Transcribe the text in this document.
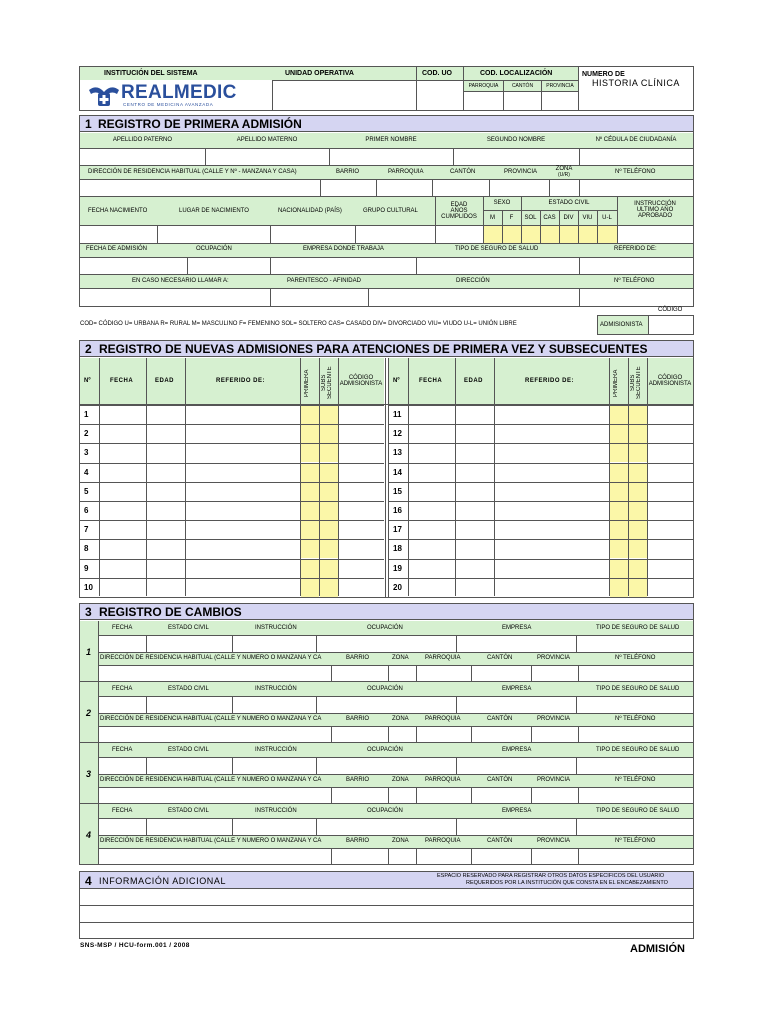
INSTITUCIÓN DEL SISTEMA	UNIDAD OPERATIVA	COD. UO	COD. LOCALIZACIÓN
PARROQUIA	CANTÓN	PROVINCIA
NUMERO DE
HISTORIA CLÍNICA
REALMEDIC
CENTRO DE MEDICINA AVANZADA
1 REGISTRO DE PRIMERA ADMISIÓN
APELLIDO PATERNO	APELLIDO MATERNO	PRIMER NOMBRE	SEGUNDO NOMBRE	Nº CÉDULA DE CIUDADANÍA
DIRECCIÓN DE RESIDENCIA HABITUAL (CALLE Y Nº - MANZANA Y CASA)	BARRIO	PARROQUIA	CANTÓN	PROVINCIA	ZONA
(U/R)	Nº TELÉFONO
FECHA NACIMIENTO	LUGAR DE NACIMIENTO	NACIONALIDAD (PAÍS)	GRUPO CULTURAL
EDAD
AÑOS
CUMPLIDOS
SEXO
M	F
ESTADO CIVIL
SOL	CAS	DIV	VIU	U-L
INSTRUCCIÓN
ULTIMO AÑO
APROBADO
FECHA DE ADMISIÓN	OCUPACIÓN	EMPRESA DONDE TRABAJA	TIPO DE SEGURO DE SALUD	REFERIDO DE:
EN CASO NECESARIO LLAMAR A:	PARENTESCO - AFINIDAD	DIRECCIÓN	Nº TELÉFONO
CÓDIGO
COD= CÓDIGO U= URBANA R= RURAL M= MASCULINO F= FEMENINO SOL= SOLTERO CAS= CASADO DIV= DIVORCIADO VIU= VIUDO U-L= UNIÓN LIBRE	ADMISIONISTA
2 REGISTRO DE NUEVAS ADMISIONES PARA ATENCIONES DE PRIMERA VEZ Y SUBSECUENTES
Nº	FECHA	EDAD	REFERIDO DE:	PRIMERA SUBS SECUENTE	CÓDIGO
ADMISIONISTA
1
2
3
4
5
6
7
8
9
10
Nº	FECHA	EDAD	REFERIDO DE:	PRIMERA SUBS SECUENTE	CÓDIGO
ADMISIONISTA
11
12
13
14
15
16
17
18
19
20
3 REGISTRO DE CAMBIOS
1
FECHA	ESTADO CIVIL	INSTRUCCIÓN	OCUPACIÓN	EMPRESA	TIPO DE SEGURO DE SALUD
DIRECCIÓN DE RESIDENCIA HABITUAL (CALLE Y NUMERO O MANZANA Y CA	BARRIO	ZONA	PARROQUIA	CANTÓN	PROVINCIA	Nº TELÉFONO
2
FECHA	ESTADO CIVIL	INSTRUCCIÓN	OCUPACIÓN	EMPRESA	TIPO DE SEGURO DE SALUD
DIRECCIÓN DE RESIDENCIA HABITUAL (CALLE Y NUMERO O MANZANA Y CA	BARRIO	ZONA	PARROQUIA	CANTÓN	PROVINCIA	Nº TELÉFONO
3
FECHA	ESTADO CIVIL	INSTRUCCIÓN	OCUPACIÓN	EMPRESA	TIPO DE SEGURO DE SALUD
DIRECCIÓN DE RESIDENCIA HABITUAL (CALLE Y NUMERO O MANZANA Y CA	BARRIO	ZONA	PARROQUIA	CANTÓN	PROVINCIA	Nº TELÉFONO
4
FECHA	ESTADO CIVIL	INSTRUCCIÓN	OCUPACIÓN	EMPRESA	TIPO DE SEGURO DE SALUD
DIRECCIÓN DE RESIDENCIA HABITUAL (CALLE Y NUMERO O MANZANA Y CA	BARRIO	ZONA	PARROQUIA	CANTÓN	PROVINCIA	Nº TELÉFONO
4 INFORMACIÓN ADICIONAL	ESPACIO RESERVADO PARA REGISTRAR OTROS DATOS ESPECIFICOS DEL USUARIO
REQUERIDOS POR LA INSTITUCIÓN QUE CONSTA EN EL ENCABEZAMIENTO
SNS-MSP / HCU-form.001 / 2008	ADMISIÓN
